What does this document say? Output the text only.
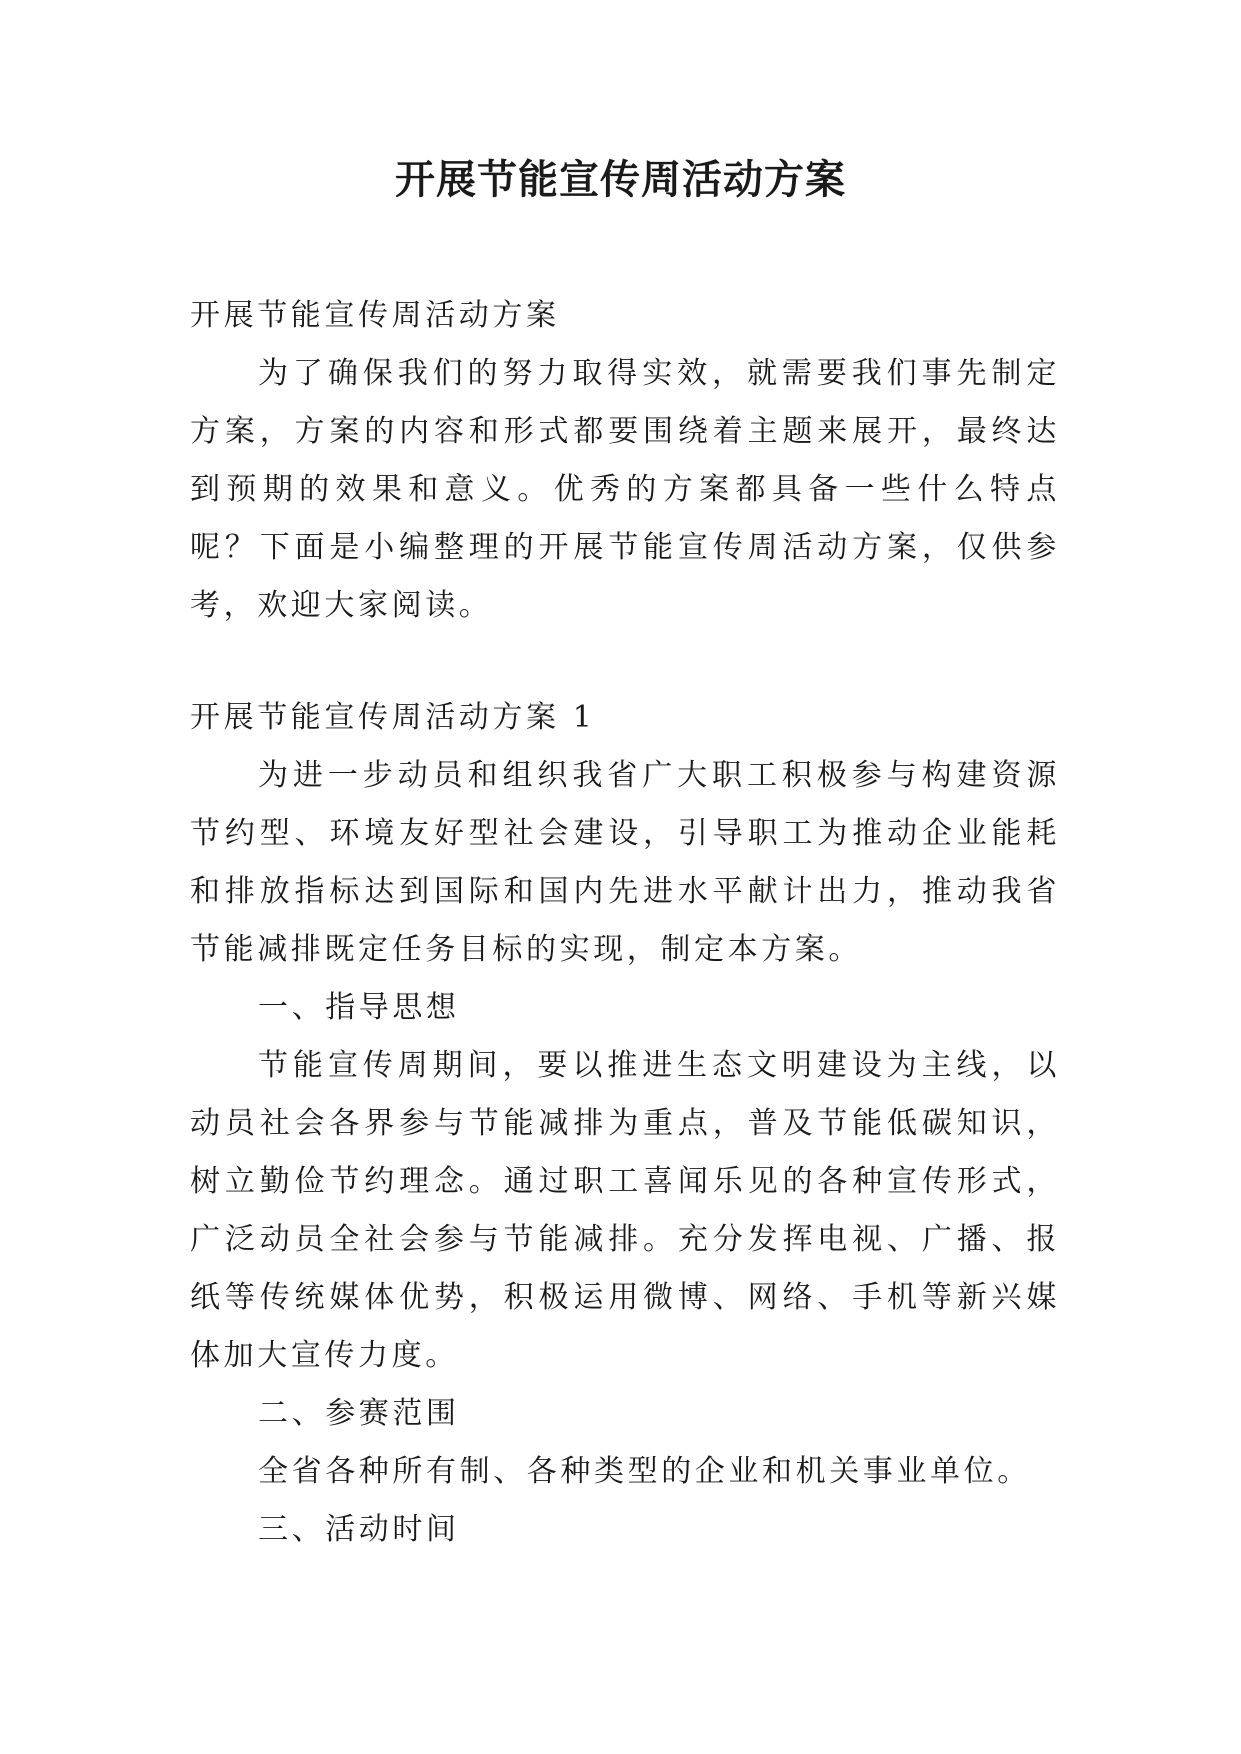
开展节能宣传周活动方案

开展节能宣传周活动方案

为了确保我们的努力取得实效，就需要我们事先制定方案，方案的内容和形式都要围绕着主题来展开，最终达到预期的效果和意义。优秀的方案都具备一些什么特点呢？下面是小编整理的开展节能宣传周活动方案，仅供参考，欢迎大家阅读。

开展节能宣传周活动方案 1

为进一步动员和组织我省广大职工积极参与构建资源节约型、环境友好型社会建设，引导职工为推动企业能耗和排放指标达到国际和国内先进水平献计出力，推动我省节能减排既定任务目标的实现，制定本方案。

一、指导思想

节能宣传周期间，要以推进生态文明建设为主线，以动员社会各界参与节能减排为重点，普及节能低碳知识，树立勤俭节约理念。通过职工喜闻乐见的各种宣传形式，广泛动员全社会参与节能减排。充分发挥电视、广播、报纸等传统媒体优势，积极运用微博、网络、手机等新兴媒体加大宣传力度。

二、参赛范围

全省各种所有制、各种类型的企业和机关事业单位。

三、活动时间
